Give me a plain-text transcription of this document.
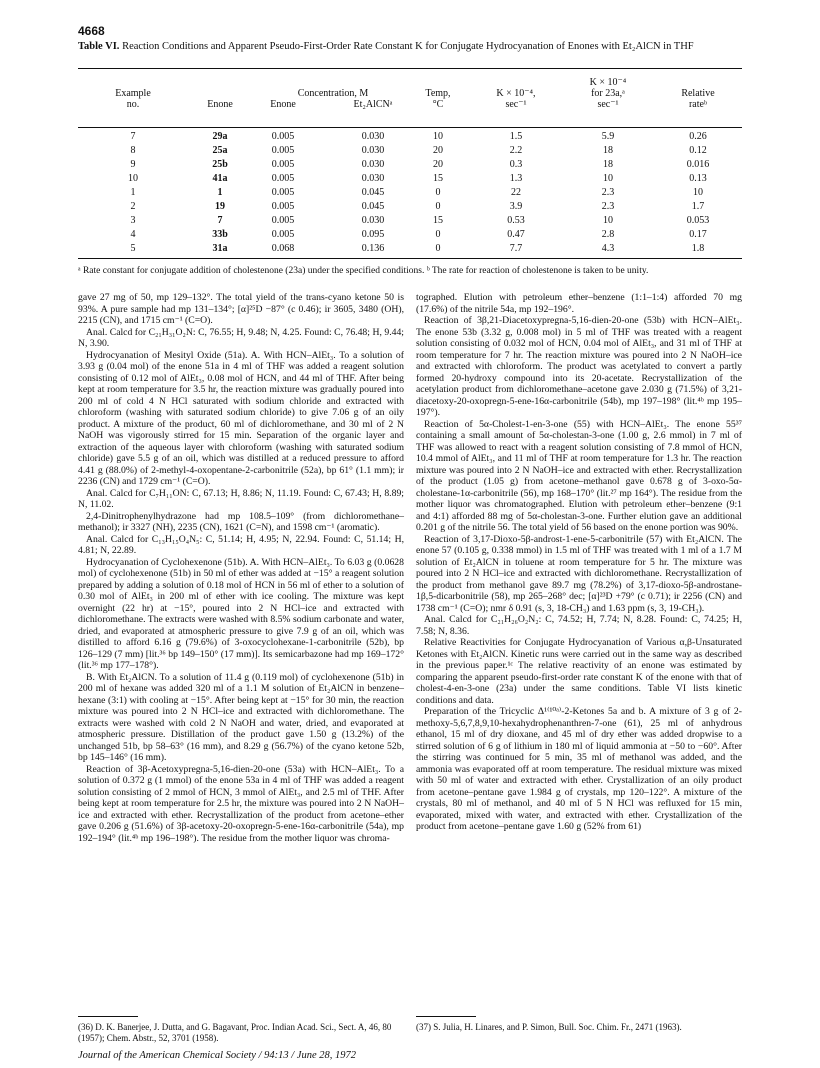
4668
Table VI. Reaction Conditions and Apparent Pseudo-First-Order Rate Constant K for Conjugate Hydrocyanation of Enones with Et₂AlCN in THF
Example
no.	Enone
Concentration, M
Enone	Et₂AlCNᵃ
Temp,
°C
K × 10⁻⁴,
sec⁻¹
K × 10⁻⁴
for 23a,ᵃ
sec⁻¹
Relative
rateᵇ
7	29a	0.005	0.030	10	1.5	5.9	0.26
8	25a	0.005	0.030	20	2.2	18	0.12
9	25b	0.005	0.030	20	0.3	18	0.016
10	41a	0.005	0.030	15	1.3	10	0.13
1	1	0.005	0.045	0	22	2.3	10
2	19	0.005	0.045	0	3.9	2.3	1.7
3	7	0.005	0.030	15	0.53	10	0.053
4	33b	0.005	0.095	0	0.47	2.8	0.17
5	31a	0.068	0.136	0	7.7	4.3	1.8
ᵃ Rate constant for conjugate addition of cholestenone (23a) under the specified conditions. ᵇ The rate for reaction of cholestenone is taken to be unity.

gave 27 mg of 50, mp 129–132°. The total yield of the trans-cyano ketone 50 is 93%. A pure sample had mp 131–134°; [α]²⁵D −87° (c 0.46); ir 3605, 3480 (OH), 2215 (CN), and 1715 cm⁻¹ (C=O).

Anal. Calcd for C₂₁H₃₁O₂N: C, 76.55; H, 9.48; N, 4.25. Found: C, 76.48; H, 9.44; N, 3.90.

Hydrocyanation of Mesityl Oxide (51a). A. With HCN–AlEt₃. To a solution of 3.93 g (0.04 mol) of the enone 51a in 4 ml of THF was added a reagent solution consisting of 0.12 mol of AlEt₃, 0.08 mol of HCN, and 44 ml of THF. After being kept at room temperature for 3.5 hr, the reaction mixture was gradually poured into 200 ml of cold 4 N HCl saturated with sodium chloride and extracted with chloroform (washing with saturated sodium chloride) to give 7.06 g of an oily product. A mixture of the product, 60 ml of dichloromethane, and 30 ml of 2 N NaOH was vigorously stirred for 15 min. Separation of the organic layer and extraction of the aqueous layer with chloroform (washing with saturated sodium chloride) gave 5.5 g of an oil, which was distilled at a reduced pressure to afford 4.41 g (88.0%) of 2-methyl-4-oxopentane-2-carbonitrile (52a), bp 61° (1.1 mm); ir 2236 (CN) and 1729 cm⁻¹ (C=O).

Anal. Calcd for C₇H₁₁ON: C, 67.13; H, 8.86; N, 11.19. Found: C, 67.43; H, 8.89; N, 11.02.

2,4-Dinitrophenylhydrazone had mp 108.5–109° (from dichloromethane–methanol); ir 3327 (NH), 2235 (CN), 1621 (C=N), and 1598 cm⁻¹ (aromatic).

Anal. Calcd for C₁₃H₁₅O₄N₅: C, 51.14; H, 4.95; N, 22.94. Found: C, 51.14; H, 4.81; N, 22.89.

Hydrocyanation of Cyclohexenone (51b). A. With HCN–AlEt₃. To 6.03 g (0.0628 mol) of cyclohexenone (51b) in 50 ml of ether was added at −15° a reagent solution prepared by adding a solution of 0.18 mol of HCN in 56 ml of ether to a solution of 0.30 mol of AlEt₃ in 200 ml of ether with ice cooling. The mixture was kept overnight (22 hr) at −15°, poured into 2 N HCl–ice and extracted with dichloromethane. The extracts were washed with 8.5% sodium carbonate and water, dried, and evaporated at atmospheric pressure to give 7.9 g of an oil, which was distilled to afford 6.16 g (79.6%) of 3-oxocyclohexane-1-carbonitrile (52b), bp 126–129 (7 mm) [lit.³⁶ bp 149–150° (17 mm)]. Its semicarbazone had mp 169–172° (lit.³⁶ mp 177–178°).

B. With Et₂AlCN. To a solution of 11.4 g (0.119 mol) of cyclohexenone (51b) in 200 ml of hexane was added 320 ml of a 1.1 M solution of Et₂AlCN in benzene–hexane (3:1) with cooling at −15°. After being kept at −15° for 30 min, the reaction mixture was poured into 2 N HCl–ice and extracted with dichloromethane. The extracts were washed with cold 2 N NaOH and water, dried, and evaporated at atmospheric pressure. Distillation of the product gave 1.50 g (13.2%) of the unchanged 51b, bp 58–63° (16 mm), and 8.29 g (56.7%) of the cyano ketone 52b, bp 145–146° (16 mm).

Reaction of 3β-Acetoxypregna-5,16-dien-20-one (53a) with HCN–AlEt₃. To a solution of 0.372 g (1 mmol) of the enone 53a in 4 ml of THF was added a reagent solution consisting of 2 mmol of HCN, 3 mmol of AlEt₃, and 2.5 ml of THF. After being kept at room temperature for 2.5 hr, the mixture was poured into 2 N NaOH–ice and extracted with ether. Recrystallization of the product from acetone–ether gave 0.206 g (51.6%) of 3β-acetoxy-20-oxopregn-5-ene-16α-carbonitrile (54a), mp 192–194° (lit.⁴ᵇ mp 196–198°). The residue from the mother liquor was chroma-

tographed. Elution with petroleum ether–benzene (1:1–1:4) afforded 70 mg (17.6%) of the nitrile 54a, mp 192–196°.

Reaction of 3β,21-Diacetoxypregna-5,16-dien-20-one (53b) with HCN–AlEt₃. The enone 53b (3.32 g, 0.008 mol) in 5 ml of THF was treated with a reagent solution consisting of 0.032 mol of HCN, 0.04 mol of AlEt₃, and 31 ml of THF at room temperature for 7 hr. The reaction mixture was poured into 2 N NaOH–ice and extracted with chloroform. The product was acetylated to convert a partly formed 20-hydroxy compound into its 20-acetate. Recrystallization of the acetylation product from dichloromethane–acetone gave 2.030 g (71.5%) of 3,21-diacetoxy-20-oxopregn-5-ene-16α-carbonitrile (54b), mp 197–198° (lit.⁴ᵇ mp 195–197°).

Reaction of 5α-Cholest-1-en-3-one (55) with HCN–AlEt₃. The enone 55³⁷ containing a small amount of 5α-cholestan-3-one (1.00 g, 2.6 mmol) in 7 ml of THF was allowed to react with a reagent solution consisting of 7.8 mmol of HCN, 10.4 mmol of AlEt₃, and 11 ml of THF at room temperature for 1.3 hr. The reaction mixture was poured into 2 N NaOH–ice and extracted with ether. Recrystallization of the product (1.05 g) from acetone–methanol gave 0.678 g of 3-oxo-5α-cholestane-1α-carbonitrile (56), mp 168–170° (lit.²⁷ mp 164°). The residue from the mother liquor was chromatographed. Elution with petroleum ether–benzene (9:1 and 4:1) afforded 88 mg of 5α-cholestan-3-one. Further elution gave an additional 0.201 g of the nitrile 56. The total yield of 56 based on the enone portion was 90%.

Reaction of 3,17-Dioxo-5β-androst-1-ene-5-carbonitrile (57) with Et₂AlCN. The enone 57 (0.105 g, 0.338 mmol) in 1.5 ml of THF was treated with 1 ml of a 1.7 M solution of Et₂AlCN in toluene at room temperature for 5 hr. The mixture was poured into 2 N HCl–ice and extracted with dichloromethane. Recrystallization of the product from methanol gave 89.7 mg (78.2%) of 3,17-dioxo-5β-androstane-1β,5-dicarbonitrile (58), mp 265–268° dec; [α]²³D +79° (c 0.71); ir 2256 (CN) and 1738 cm⁻¹ (C=O); nmr δ 0.91 (s, 3, 18-CH₃) and 1.63 ppm (s, 3, 19-CH₃).

Anal. Calcd for C₂₁H₂₆O₂N₂: C, 74.52; H, 7.74; N, 8.28. Found: C, 74.25; H, 7.58; N, 8.36.

Relative Reactivities for Conjugate Hydrocyanation of Various α,β-Unsaturated Ketones with Et₂AlCN. Kinetic runs were carried out in the same way as described in the previous paper.¹ᶜ The relative reactivity of an enone was estimated by comparing the apparent pseudo-first-order rate constant K of the enone with that of cholest-4-en-3-one (23a) under the same conditions. Table VI lists kinetic conditions and data.

Preparation of the Tricyclic Δ¹⁽¹⁰ᵃ⁾-2-Ketones 5a and b. A mixture of 3 g of 2-methoxy-5,6,7,8,9,10-hexahydrophenanthren-7-one (61), 25 ml of anhydrous ethanol, 15 ml of dry dioxane, and 45 ml of dry ether was added dropwise to a stirred solution of 6 g of lithium in 180 ml of liquid ammonia at −50 to −60°. After the stirring was continued for 5 min, 35 ml of methanol was added, and the ammonia was evaporated off at room temperature. The residual mixture was mixed with 50 ml of water and extracted with ether. Crystallization of an oily product from acetone–pentane gave 1.984 g of crystals, mp 120–122°. A mixture of the crystals, 80 ml of methanol, and 40 ml of 5 N HCl was refluxed for 15 min, evaporated, mixed with water, and extracted with ether. Crystallization of the product from acetone–pentane gave 1.60 g (52% from 61)

(36) D. K. Banerjee, J. Dutta, and G. Bagavant, Proc. Indian Acad. Sci., Sect. A, 46, 80 (1957); Chem. Abstr., 52, 3701 (1958).
(37) S. Julia, H. Linares, and P. Simon, Bull. Soc. Chim. Fr., 2471 (1963).
Journal of the American Chemical Society / 94:13 / June 28, 1972
